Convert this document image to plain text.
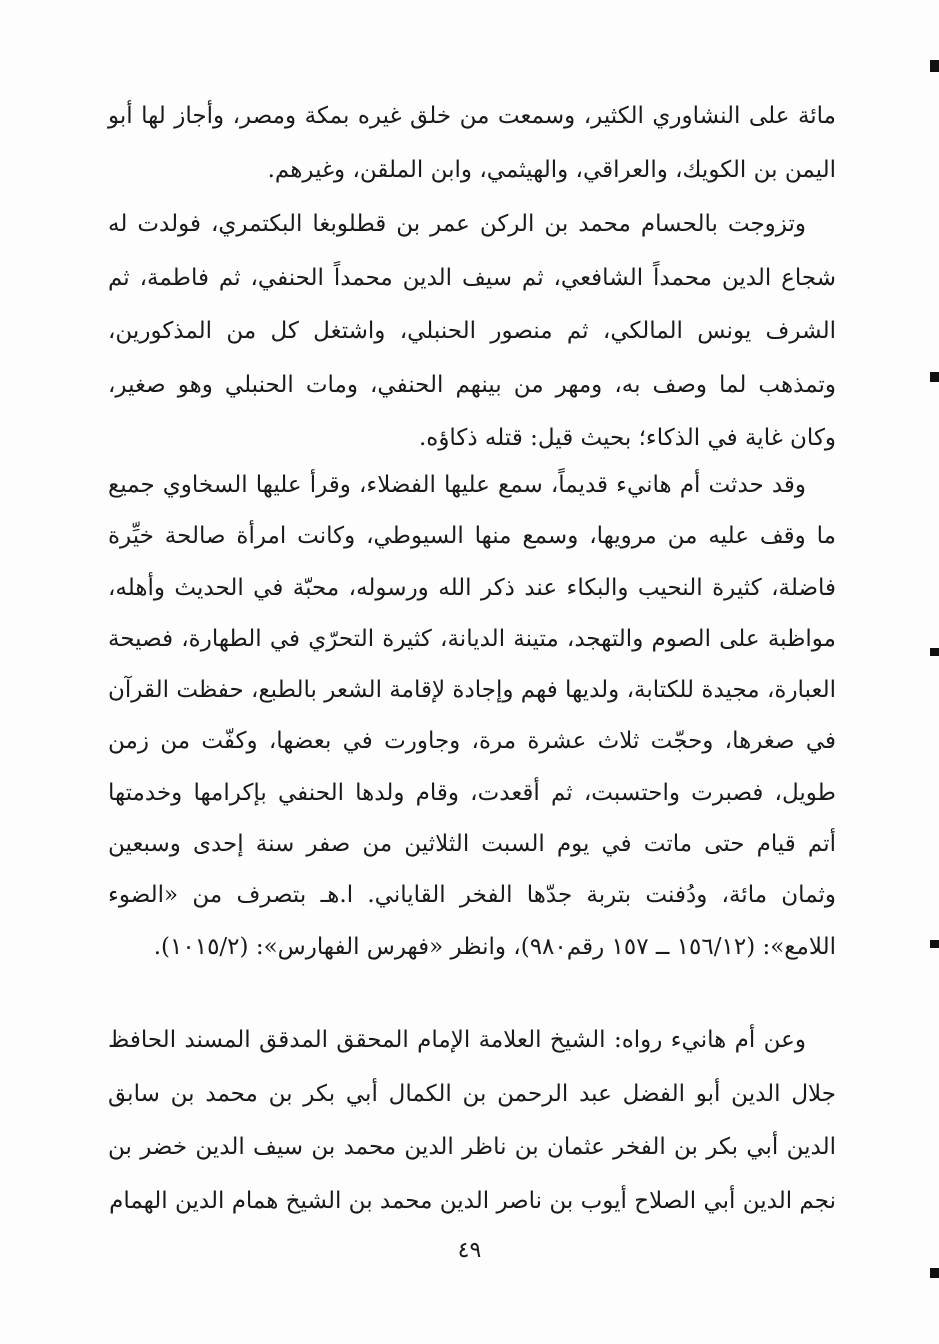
مائة على النشاوري الكثير، وسمعت من خلق غيره بمكة ومصر، وأجاز لها أبو اليمن بن الكويك، والعراقي، والهيثمي، وابن الملقن، وغيرهم.

وتزوجت بالحسام محمد بن الركن عمر بن قطلوبغا البكتمري، فولدت له شجاع الدين محمداً الشافعي، ثم سيف الدين محمداً الحنفي، ثم فاطمة، ثم الشرف يونس المالكي، ثم منصور الحنبلي، واشتغل كل من المذكورين، وتمذهب لما وصف به، ومهر من بينهم الحنفي، ومات الحنبلي وهو صغير، وكان غاية في الذكاء؛ بحيث قيل: قتله ذكاؤه.

وقد حدثت أم هانيء قديماً، سمع عليها الفضلاء، وقرأ عليها السخاوي جميع ما وقف عليه من مرويها، وسمع منها السيوطي، وكانت امرأة صالحة خيِّرة فاضلة، كثيرة النحيب والبكاء عند ذكر الله ورسوله، محبّة في الحديث وأهله، مواظبة على الصوم والتهجد، متينة الديانة، كثيرة التحرّي في الطهارة، فصيحة العبارة، مجيدة للكتابة، ولديها فهم وإجادة لإقامة الشعر بالطبع، حفظت القرآن في صغرها، وحجّت ثلاث عشرة مرة، وجاورت في بعضها، وكفّت من زمن طويل، فصبرت واحتسبت، ثم أقعدت، وقام ولدها الحنفي بإكرامها وخدمتها أتم قيام حتى ماتت في يوم السبت الثلاثين من صفر سنة إحدى وسبعين وثمان مائة، ودُفنت بتربة جدّها الفخر القاياني. ا.هـ بتصرف من «الضوء اللامع»: (١٥٦/١٢ ــ ١٥٧ رقم٩٨٠)، وانظر «فهرس الفهارس»: (١٠١٥/٢).

وعن أم هانيء رواه: الشيخ العلامة الإمام المحقق المدقق المسند الحافظ جلال الدين أبو الفضل عبد الرحمن بن الكمال أبي بكر بن محمد بن سابق الدين أبي بكر بن الفخر عثمان بن ناظر الدين محمد بن سيف الدين خضر بن نجم الدين أبي الصلاح أيوب بن ناصر الدين محمد بن الشيخ همام الدين الهمام

٤٩
